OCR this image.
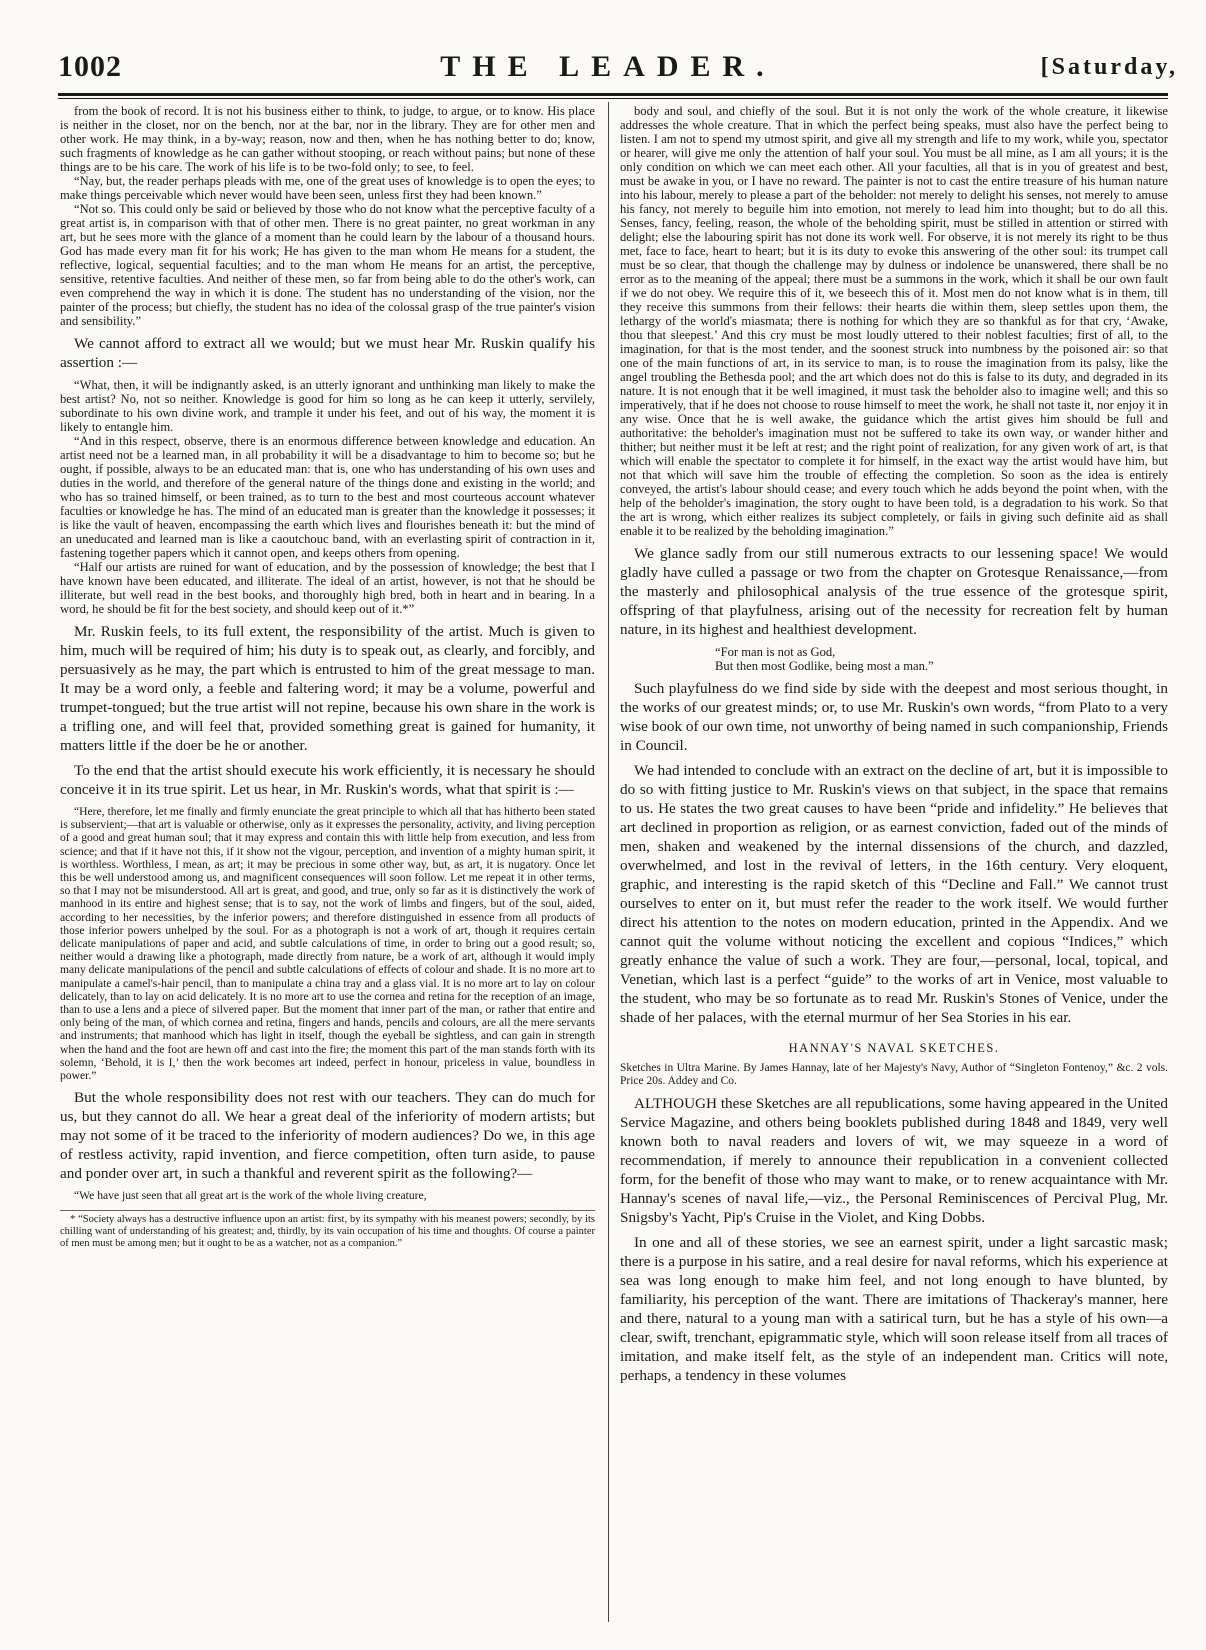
1002	THE LEADER.	[Saturday,

from the book of record. It is not his business either to think, to judge, to argue, or to know. His place is neither in the closet, nor on the bench, nor at the bar, nor in the library. They are for other men and other work. He may think, in a by-way; reason, now and then, when he has nothing better to do; know, such fragments of knowledge as he can gather without stooping, or reach without pains; but none of these things are to be his care. The work of his life is to be two-fold only; to see, to feel.

“Nay, but, the reader perhaps pleads with me, one of the great uses of knowledge is to open the eyes; to make things perceivable which never would have been seen, unless first they had been known.”

“Not so. This could only be said or believed by those who do not know what the perceptive faculty of a great artist is, in comparison with that of other men. There is no great painter, no great workman in any art, but he sees more with the glance of a moment than he could learn by the labour of a thousand hours. God has made every man fit for his work; He has given to the man whom He means for a student, the reflective, logical, sequential faculties; and to the man whom He means for an artist, the perceptive, sensitive, retentive faculties. And neither of these men, so far from being able to do the other's work, can even comprehend the way in which it is done. The student has no understanding of the vision, nor the painter of the process; but chiefly, the student has no idea of the colossal grasp of the true painter's vision and sensibility.”

We cannot afford to extract all we would; but we must hear Mr. Ruskin qualify his assertion :—

“What, then, it will be indignantly asked, is an utterly ignorant and unthinking man likely to make the best artist? No, not so neither. Knowledge is good for him so long as he can keep it utterly, servilely, subordinate to his own divine work, and trample it under his feet, and out of his way, the moment it is likely to entangle him.

“And in this respect, observe, there is an enormous difference between knowledge and education. An artist need not be a learned man, in all probability it will be a disadvantage to him to become so; but he ought, if possible, always to be an educated man: that is, one who has understanding of his own uses and duties in the world, and therefore of the general nature of the things done and existing in the world; and who has so trained himself, or been trained, as to turn to the best and most courteous account whatever faculties or knowledge he has. The mind of an educated man is greater than the knowledge it possesses; it is like the vault of heaven, encompassing the earth which lives and flourishes beneath it: but the mind of an uneducated and learned man is like a caoutchouc band, with an everlasting spirit of contraction in it, fastening together papers which it cannot open, and keeps others from opening.

“Half our artists are ruined for want of education, and by the possession of knowledge; the best that I have known have been educated, and illiterate. The ideal of an artist, however, is not that he should be illiterate, but well read in the best books, and thoroughly high bred, both in heart and in bearing. In a word, he should be fit for the best society, and should keep out of it.*”

Mr. Ruskin feels, to its full extent, the responsibility of the artist. Much is given to him, much will be required of him; his duty is to speak out, as clearly, and forcibly, and persuasively as he may, the part which is entrusted to him of the great message to man. It may be a word only, a feeble and faltering word; it may be a volume, powerful and trumpet-tongued; but the true artist will not repine, because his own share in the work is a trifling one, and will feel that, provided something great is gained for humanity, it matters little if the doer be he or another.

To the end that the artist should execute his work efficiently, it is necessary he should conceive it in its true spirit. Let us hear, in Mr. Ruskin's words, what that spirit is :—

“Here, therefore, let me finally and firmly enunciate the great principle to which all that has hitherto been stated is subservient;—that art is valuable or otherwise, only as it expresses the personality, activity, and living perception of a good and great human soul; that it may express and contain this with little help from execution, and less from science; and that if it have not this, if it show not the vigour, perception, and invention of a mighty human spirit, it is worthless. Worthless, I mean, as art; it may be precious in some other way, but, as art, it is nugatory. Once let this be well understood among us, and magnificent consequences will soon follow. Let me repeat it in other terms, so that I may not be misunderstood. All art is great, and good, and true, only so far as it is distinctively the work of manhood in its entire and highest sense; that is to say, not the work of limbs and fingers, but of the soul, aided, according to her necessities, by the inferior powers; and therefore distinguished in essence from all products of those inferior powers unhelped by the soul. For as a photograph is not a work of art, though it requires certain delicate manipulations of paper and acid, and subtle calculations of time, in order to bring out a good result; so, neither would a drawing like a photograph, made directly from nature, be a work of art, although it would imply many delicate manipulations of the pencil and subtle calculations of effects of colour and shade. It is no more art to manipulate a camel's-hair pencil, than to manipulate a china tray and a glass vial. It is no more art to lay on colour delicately, than to lay on acid delicately. It is no more art to use the cornea and retina for the reception of an image, than to use a lens and a piece of silvered paper. But the moment that inner part of the man, or rather that entire and only being of the man, of which cornea and retina, fingers and hands, pencils and colours, are all the mere servants and instruments; that manhood which has light in itself, though the eyeball be sightless, and can gain in strength when the hand and the foot are hewn off and cast into the fire; the moment this part of the man stands forth with its solemn, ‘Behold, it is I,’ then the work becomes art indeed, perfect in honour, priceless in value, boundless in power.”

But the whole responsibility does not rest with our teachers. They can do much for us, but they cannot do all. We hear a great deal of the inferiority of modern artists; but may not some of it be traced to the inferiority of modern audiences? Do we, in this age of restless activity, rapid invention, and fierce competition, often turn aside, to pause and ponder over art, in such a thankful and reverent spirit as the following?—

“We have just seen that all great art is the work of the whole living creature,

* “Society always has a destructive influence upon an artist: first, by its sympathy with his meanest powers; secondly, by its chilling want of understanding of his greatest; and, thirdly, by its vain occupation of his time and thoughts. Of course a painter of men must be among men; but it ought to be as a watcher, not as a companion.”

body and soul, and chiefly of the soul. But it is not only the work of the whole creature, it likewise addresses the whole creature. That in which the perfect being speaks, must also have the perfect being to listen. I am not to spend my utmost spirit, and give all my strength and life to my work, while you, spectator or hearer, will give me only the attention of half your soul. You must be all mine, as I am all yours; it is the only condition on which we can meet each other. All your faculties, all that is in you of greatest and best, must be awake in you, or I have no reward. The painter is not to cast the entire treasure of his human nature into his labour, merely to please a part of the beholder: not merely to delight his senses, not merely to amuse his fancy, not merely to beguile him into emotion, not merely to lead him into thought; but to do all this. Senses, fancy, feeling, reason, the whole of the beholding spirit, must be stilled in attention or stirred with delight; else the labouring spirit has not done its work well. For observe, it is not merely its right to be thus met, face to face, heart to heart; but it is its duty to evoke this answering of the other soul: its trumpet call must be so clear, that though the challenge may by dulness or indolence be unanswered, there shall be no error as to the meaning of the appeal; there must be a summons in the work, which it shall be our own fault if we do not obey. We require this of it, we beseech this of it. Most men do not know what is in them, till they receive this summons from their fellows: their hearts die within them, sleep settles upon them, the lethargy of the world's miasmata; there is nothing for which they are so thankful as for that cry, ‘Awake, thou that sleepest.’ And this cry must be most loudly uttered to their noblest faculties; first of all, to the imagination, for that is the most tender, and the soonest struck into numbness by the poisoned air: so that one of the main functions of art, in its service to man, is to rouse the imagination from its palsy, like the angel troubling the Bethesda pool; and the art which does not do this is false to its duty, and degraded in its nature. It is not enough that it be well imagined, it must task the beholder also to imagine well; and this so imperatively, that if he does not choose to rouse himself to meet the work, he shall not taste it, nor enjoy it in any wise. Once that he is well awake, the guidance which the artist gives him should be full and authoritative: the beholder's imagination must not be suffered to take its own way, or wander hither and thither; but neither must it be left at rest; and the right point of realization, for any given work of art, is that which will enable the spectator to complete it for himself, in the exact way the artist would have him, but not that which will save him the trouble of effecting the completion. So soon as the idea is entirely conveyed, the artist's labour should cease; and every touch which he adds beyond the point when, with the help of the beholder's imagination, the story ought to have been told, is a degradation to his work. So that the art is wrong, which either realizes its subject completely, or fails in giving such definite aid as shall enable it to be realized by the beholding imagination.”

We glance sadly from our still numerous extracts to our lessening space! We would gladly have culled a passage or two from the chapter on Grotesque Renaissance,—from the masterly and philosophical analysis of the true essence of the grotesque spirit, offspring of that playfulness, arising out of the necessity for recreation felt by human nature, in its highest and healthiest development.

“For man is not as God,

But then most Godlike, being most a man.”

Such playfulness do we find side by side with the deepest and most serious thought, in the works of our greatest minds; or, to use Mr. Ruskin's own words, “from Plato to a very wise book of our own time, not unworthy of being named in such companionship, Friends in Council.

We had intended to conclude with an extract on the decline of art, but it is impossible to do so with fitting justice to Mr. Ruskin's views on that subject, in the space that remains to us. He states the two great causes to have been “pride and infidelity.” He believes that art declined in proportion as religion, or as earnest conviction, faded out of the minds of men, shaken and weakened by the internal dissensions of the church, and dazzled, overwhelmed, and lost in the revival of letters, in the 16th century. Very eloquent, graphic, and interesting is the rapid sketch of this “Decline and Fall.” We cannot trust ourselves to enter on it, but must refer the reader to the work itself. We would further direct his attention to the notes on modern education, printed in the Appendix. And we cannot quit the volume without noticing the excellent and copious “Indices,” which greatly enhance the value of such a work. They are four,—personal, local, topical, and Venetian, which last is a perfect “guide” to the works of art in Venice, most valuable to the student, who may be so fortunate as to read Mr. Ruskin's Stones of Venice, under the shade of her palaces, with the eternal murmur of her Sea Stories in his ear.

HANNAY'S NAVAL SKETCHES.

Sketches in Ultra Marine. By James Hannay, late of her Majesty's Navy, Author of “Singleton Fontenoy,” &c. 2 vols. Price 20s. Addey and Co.

ALTHOUGH these Sketches are all republications, some having appeared in the United Service Magazine, and others being booklets published during 1848 and 1849, very well known both to naval readers and lovers of wit, we may squeeze in a word of recommendation, if merely to announce their republication in a convenient collected form, for the benefit of those who may want to make, or to renew acquaintance with Mr. Hannay's scenes of naval life,—viz., the Personal Reminiscences of Percival Plug, Mr. Snigsby's Yacht, Pip's Cruise in the Violet, and King Dobbs.

In one and all of these stories, we see an earnest spirit, under a light sarcastic mask; there is a purpose in his satire, and a real desire for naval reforms, which his experience at sea was long enough to make him feel, and not long enough to have blunted, by familiarity, his perception of the want. There are imitations of Thackeray's manner, here and there, natural to a young man with a satirical turn, but he has a style of his own—a clear, swift, trenchant, epigrammatic style, which will soon release itself from all traces of imitation, and make itself felt, as the style of an independent man. Critics will note, perhaps, a tendency in these volumes
